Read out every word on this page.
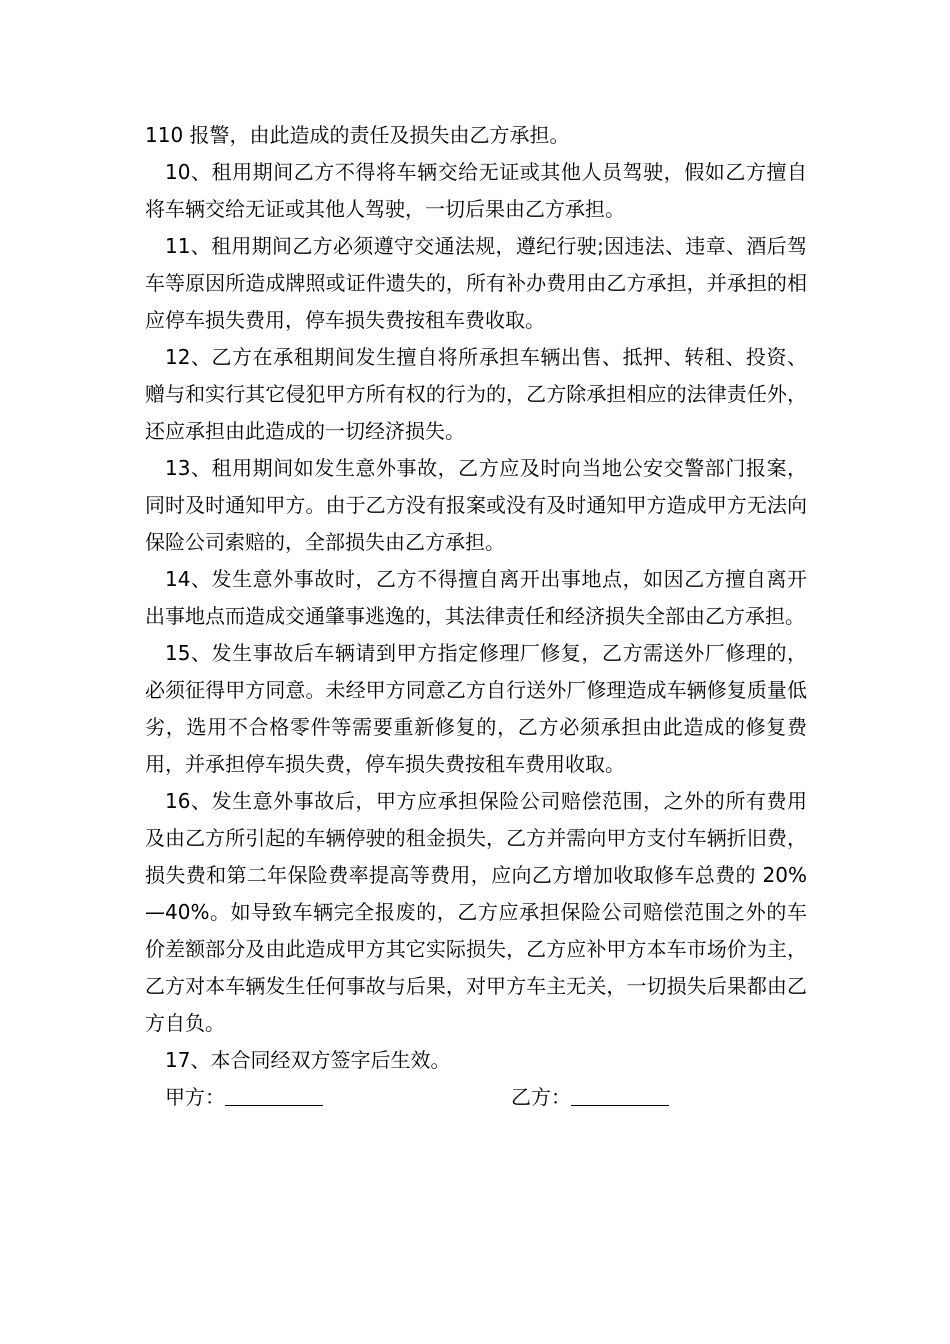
110 报警，由此造成的责任及损失由乙方承担。

10、租用期间乙方不得将车辆交给无证或其他人员驾驶，假如乙方擅自将车辆交给无证或其他人驾驶，一切后果由乙方承担。

11、租用期间乙方必须遵守交通法规，遵纪行驶;因违法、违章、酒后驾车等原因所造成牌照或证件遗失的，所有补办费用由乙方承担，并承担的相应停车损失费用，停车损失费按租车费收取。

12、乙方在承租期间发生擅自将所承担车辆出售、抵押、转租、投资、赠与和实行其它侵犯甲方所有权的行为的，乙方除承担相应的法律责任外，还应承担由此造成的一切经济损失。

13、租用期间如发生意外事故，乙方应及时向当地公安交警部门报案，同时及时通知甲方。由于乙方没有报案或没有及时通知甲方造成甲方无法向保险公司索赔的，全部损失由乙方承担。

14、发生意外事故时，乙方不得擅自离开出事地点，如因乙方擅自离开出事地点而造成交通肇事逃逸的，其法律责任和经济损失全部由乙方承担。

15、发生事故后车辆请到甲方指定修理厂修复，乙方需送外厂修理的，必须征得甲方同意。未经甲方同意乙方自行送外厂修理造成车辆修复质量低劣，选用不合格零件等需要重新修复的，乙方必须承担由此造成的修复费用，并承担停车损失费，停车损失费按租车费用收取。

16、发生意外事故后，甲方应承担保险公司赔偿范围，之外的所有费用及由乙方所引起的车辆停驶的租金损失，乙方并需向甲方支付车辆折旧费，损失费和第二年保险费率提高等费用，应向乙方增加收取修车总费的 20%—40%。如导致车辆完全报废的，乙方应承担保险公司赔偿范围之外的车价差额部分及由此造成甲方其它实际损失，乙方应补甲方本车市场价为主，乙方对本车辆发生任何事故与后果，对甲方车主无关，一切损失后果都由乙方自负。

17、本合同经双方签字后生效。

甲方：	乙方：
